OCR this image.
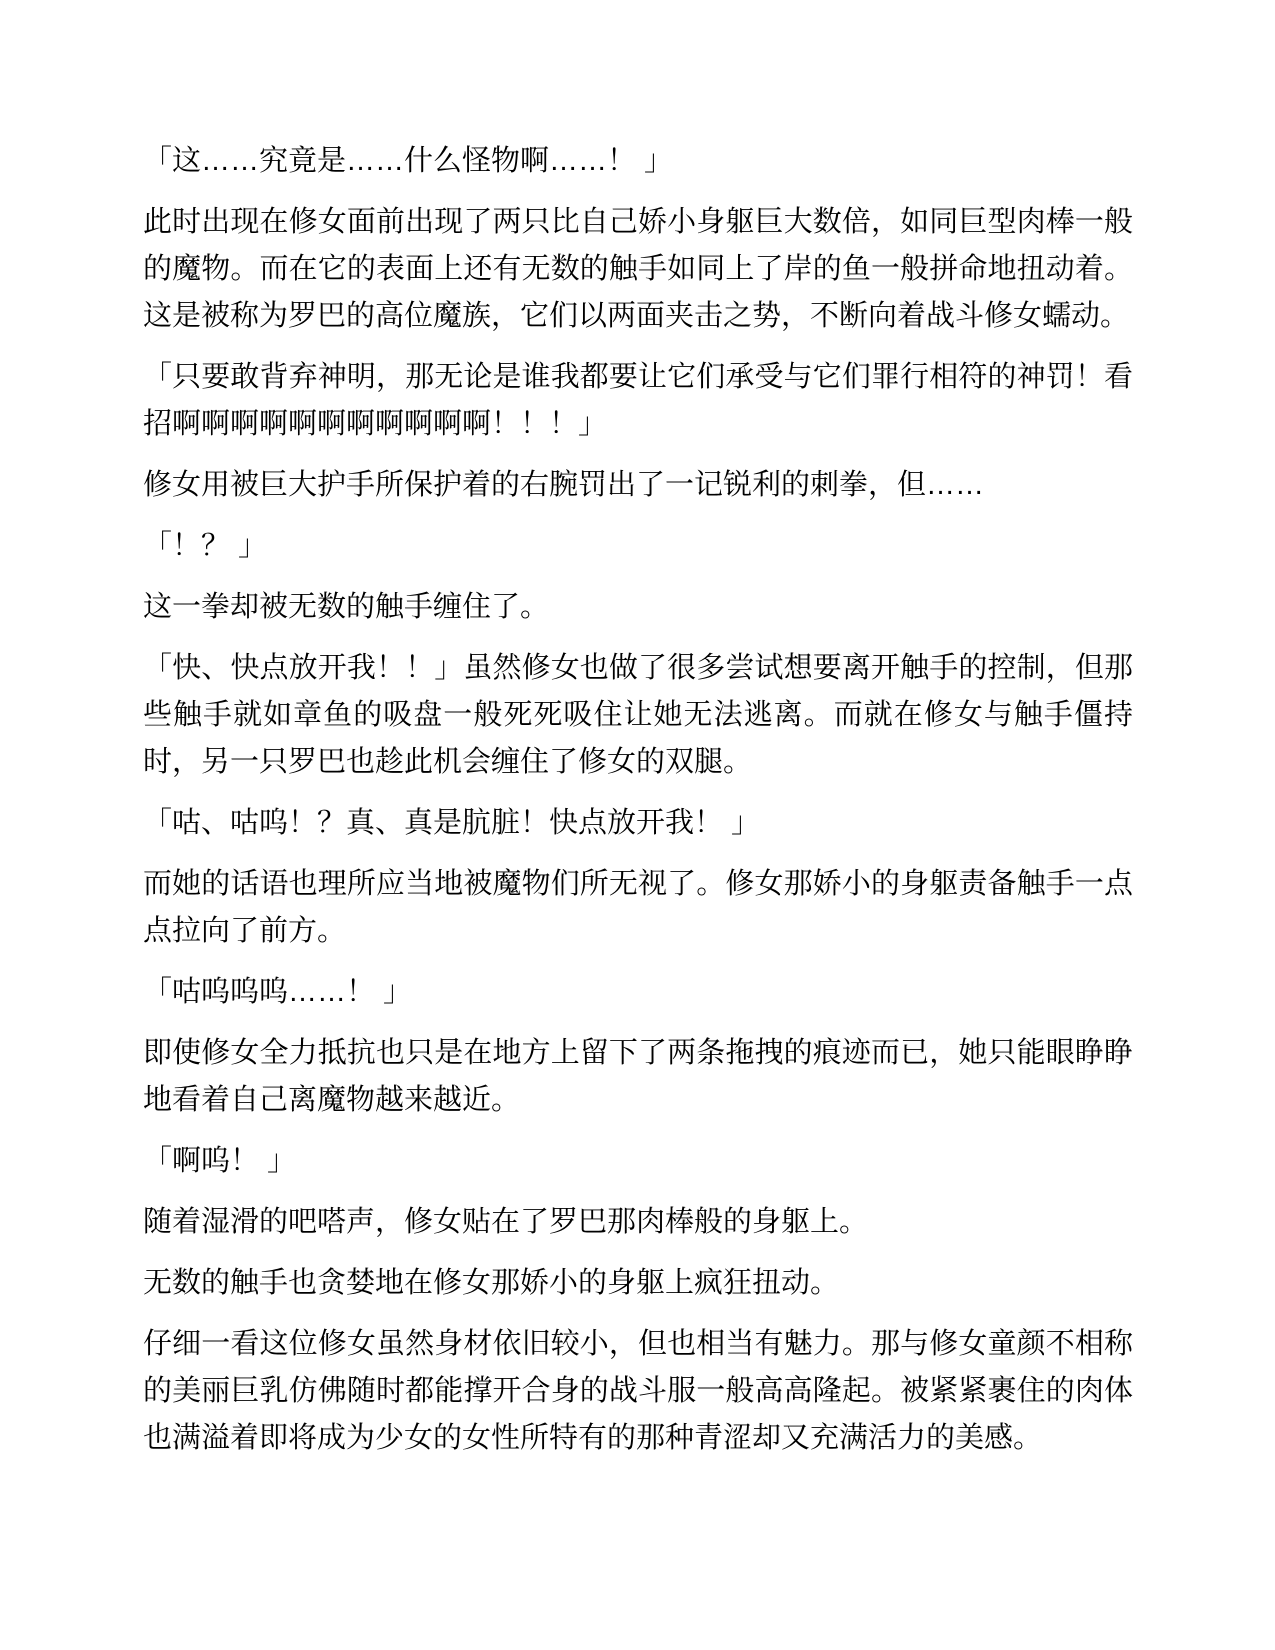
「这……究竟是……什么怪物啊……！ 」

此时出现在修女面前出现了两只比自己娇小身躯巨大数倍，如同巨型肉棒一般的魔物。而在它的表面上还有无数的触手如同上了岸的鱼一般拼命地扭动着。这是被称为罗巴的高位魔族，它们以两面夹击之势，不断向着战斗修女蠕动。

「只要敢背弃神明，那无论是谁我都要让它们承受与它们罪行相符的神罚！看招啊啊啊啊啊啊啊啊啊啊啊！！！」

修女用被巨大护手所保护着的右腕罚出了一记锐利的刺拳，但……

「！？ 」

这一拳却被无数的触手缠住了。

「快、快点放开我！！」虽然修女也做了很多尝试想要离开触手的控制，但那些触手就如章鱼的吸盘一般死死吸住让她无法逃离。而就在修女与触手僵持时，另一只罗巴也趁此机会缠住了修女的双腿。

「咕、咕呜！？真、真是肮脏！快点放开我！ 」

而她的话语也理所应当地被魔物们所无视了。修女那娇小的身躯责备触手一点点拉向了前方。

「咕呜呜呜……！ 」

即使修女全力抵抗也只是在地方上留下了两条拖拽的痕迹而已，她只能眼睁睁地看着自己离魔物越来越近。

「啊呜！ 」

随着湿滑的吧嗒声，修女贴在了罗巴那肉棒般的身躯上。

无数的触手也贪婪地在修女那娇小的身躯上疯狂扭动。

仔细一看这位修女虽然身材依旧较小，但也相当有魅力。那与修女童颜不相称的美丽巨乳仿佛随时都能撑开合身的战斗服一般高高隆起。被紧紧裹住的肉体也满溢着即将成为少女的女性所特有的那种青涩却又充满活力的美感。
